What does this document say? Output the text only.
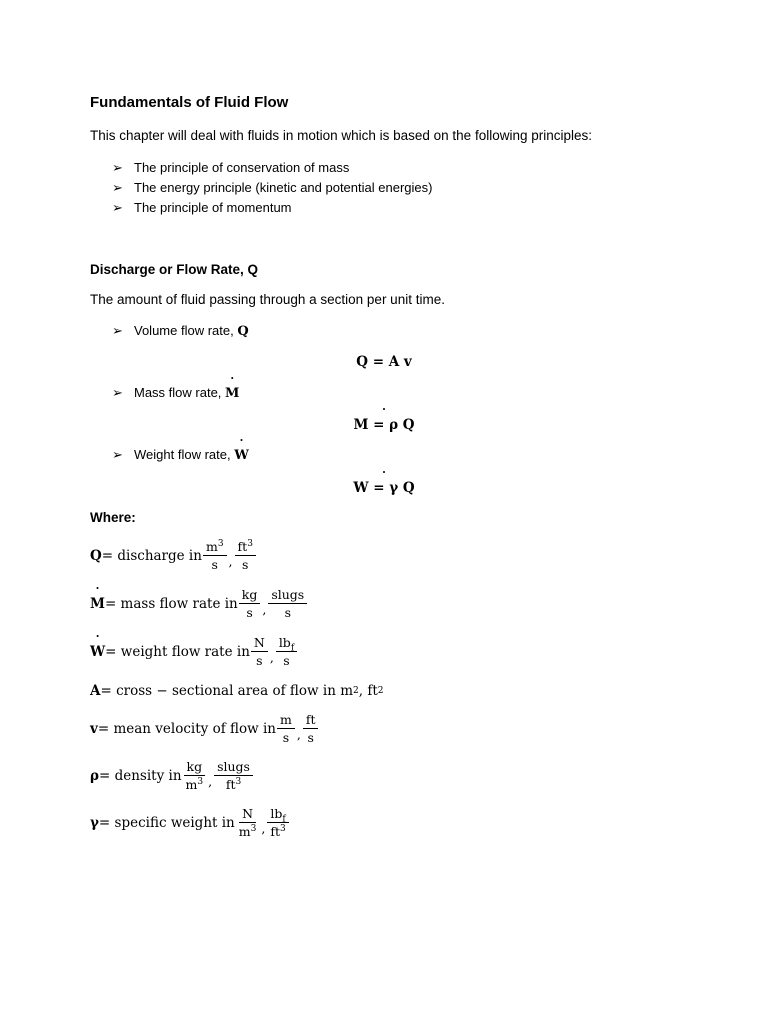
Fundamentals of Fluid Flow
This chapter will deal with fluids in motion which is based on the following principles:
➢ The principle of conservation of mass
➢ The energy principle (kinetic and potential energies)
➢ The principle of momentum
Discharge or Flow Rate, Q
The amount of fluid passing through a section per unit time.
➢ Volume flow rate, Q
Q = A v
➢ Mass flow rate, ˙ M
˙ M = ρ Q
➢ Weight flow rate, ˙ W
˙ W = γ Q
Where:
Q = discharge in $\frac{m^3}{s}$ , $\frac{ft^3}{s}$
˙ M = mass flow rate in $\frac{kg}{s}$ , $\frac{\text{slugs}}{s}$
˙ W = weight flow rate in $\frac{N}{s}$ , $\frac{lb_f}{s}$
A = cross − sectional area of flow in m 2 , ft 2
v = mean velocity of flow in $\frac{m}{s}$ , $\frac{ft}{s}$
ρ = density in $\frac{kg}{m^3}$ , $\frac{\text{slugs}}{ft^3}$
γ = specific weight in $\frac{N}{m^3}$ , $\frac{lb_f}{ft^3}$
